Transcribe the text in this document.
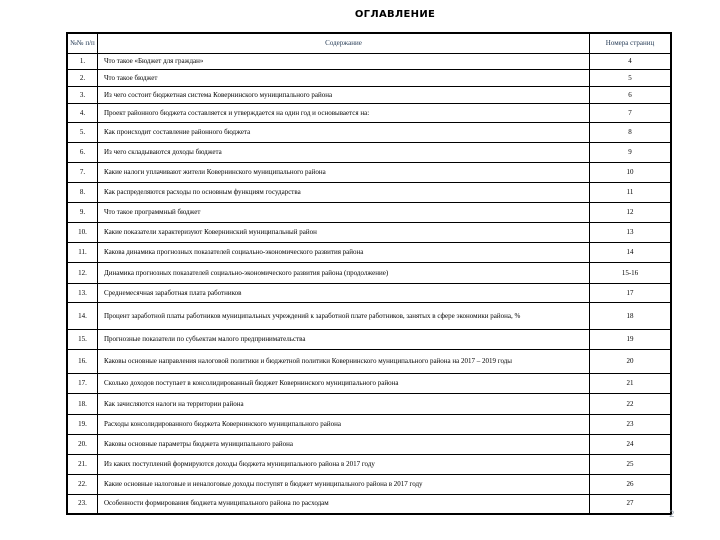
ОГЛАВЛЕНИЕ
№№ п/п	Содержание	Номера страниц
1.	Что такое «Бюджет для граждан»	4
2.	Что такое бюджет	5
3.	Из чего состоит бюджетная система Ковернинского муниципального района	6
4.	Проект районного бюджета составляется и утверждается на один год и основывается на:	7
5.	Как происходит составление районного бюджета	8
6.	Из чего складываются доходы бюджета	9
7.	Какие налоги уплачивают жители Ковернинского муниципального района	10
8.	Как распределяются расходы по основным функциям государства	11
9.	Что такое программный бюджет	12
10.	Какие показатели характеризуют Ковернинский муниципальный район	13
11.	Какова динамика прогнозных показателей социально-экономического развития района	14
12.	Динамика прогнозных показателей социально-экономического развития района (продолжение)	15-16
13.	Среднемесячная заработная плата работников	17
14.	Процент заработной платы работников муниципальных учреждений к заработной плате работников, занятых в сфере экономики района, %	18
15.	Прогнозные показатели по субъектам малого предпринимательства	19
16.	Каковы основные направления налоговой политики и бюджетной политики Ковернинского муниципального района на 2017 – 2019 годы	20
17.	Сколько доходов поступает в консолидированный бюджет Ковернинского муниципального района	21
18.	Как зачисляются налоги на территории района	22
19.	Расходы консолидированного бюджета Ковернинского муниципального района	23
20.	Каковы основные параметры бюджета муниципального района	24
21.	Из каких поступлений формируются доходы бюджета муниципального района в 2017 году	25
22.	Какие основные налоговые и неналоговые доходы поступят в бюджет муниципального района в 2017 году	26
23.	Особенности формирования бюджета муниципального района по расходам	27
2
